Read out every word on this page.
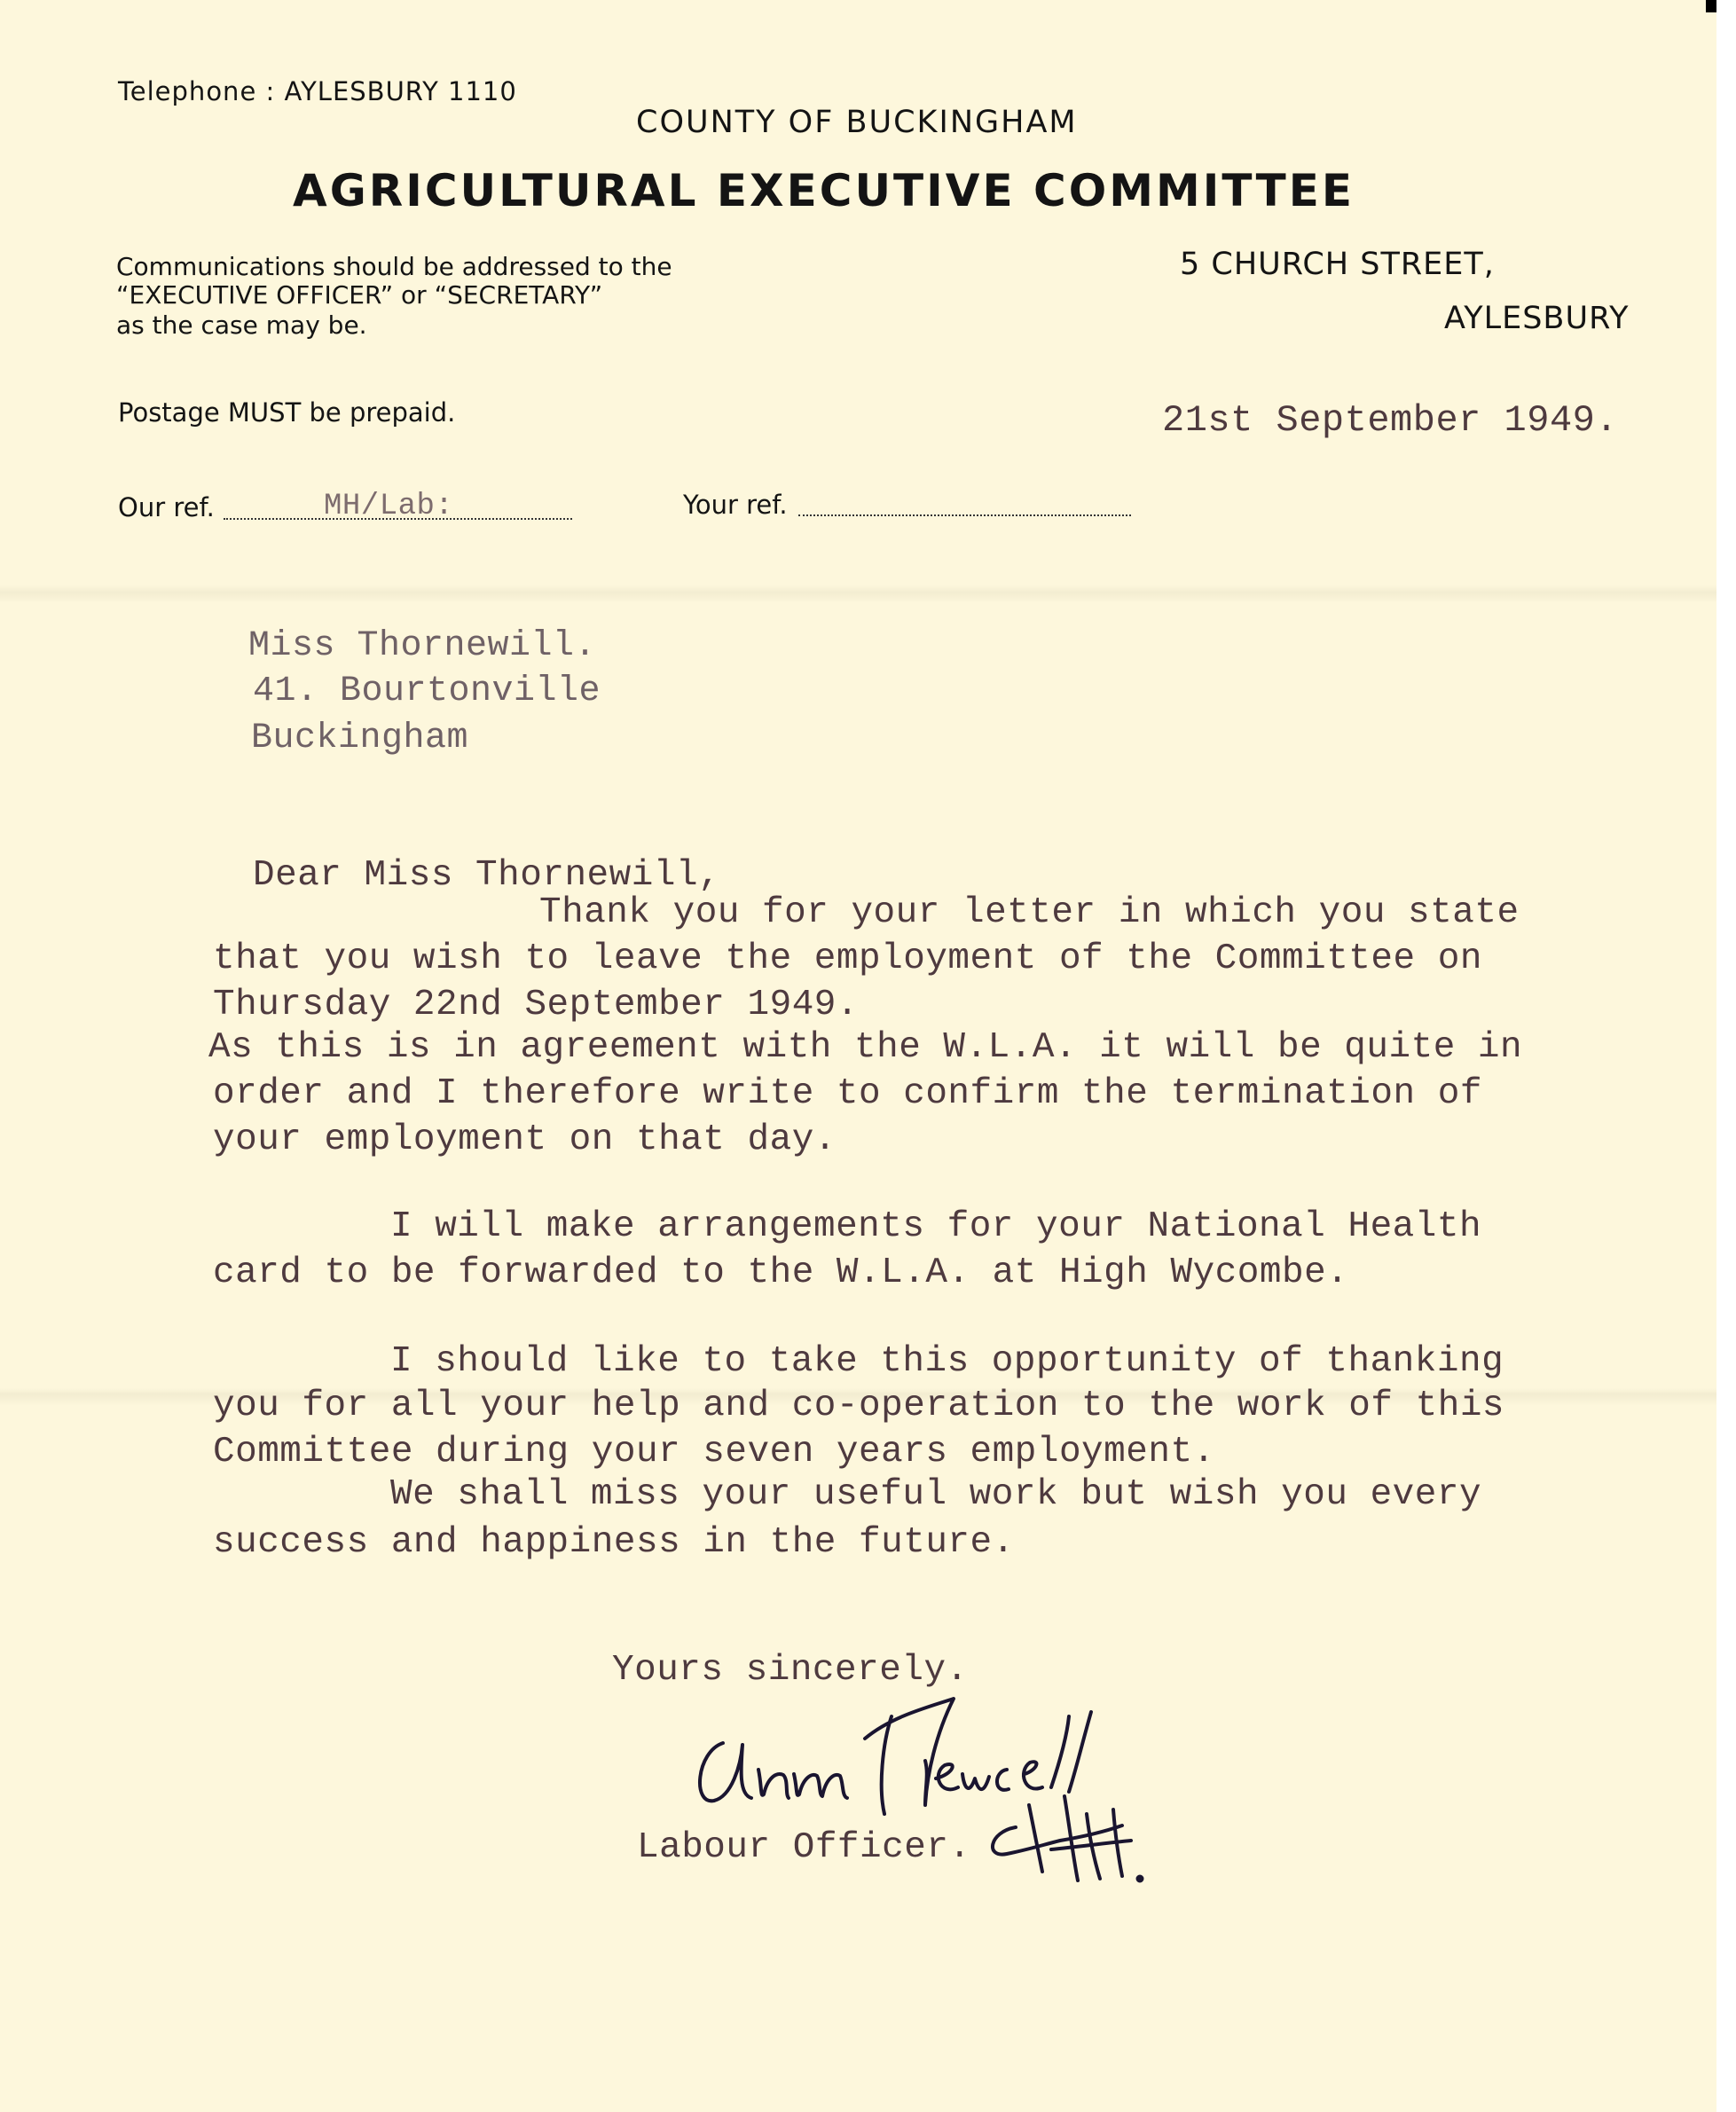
Telephone : AYLESBURY 1110
COUNTY OF BUCKINGHAM
AGRICULTURAL EXECUTIVE COMMITTEE
Communications should be addressed to the
“EXECUTIVE OFFICER” or “SECRETARY”
as the case may be.
5 CHURCH STREET,
AYLESBURY
Postage MUST be prepaid.	21st September 1949.
Our ref.	MH/Lab:	Your ref.
Miss Thornewill.
41. Bourtonville
Buckingham
Dear Miss Thornewill,
Thank you for your letter in which you state
that you wish to leave the employment of the Committee on
Thursday 22nd September 1949.
As this is in agreement with the W.L.A. it will be quite in
order and I therefore write to confirm the termination of
your employment on that day.
I will make arrangements for your National Health
card to be forwarded to the W.L.A. at High Wycombe.
I should like to take this opportunity of thanking
you for all your help and co-operation to the work of this
Committee during your seven years employment.
We shall miss your useful work but wish you every
success and happiness in the future.
Yours sincerely.
Labour Officer.
